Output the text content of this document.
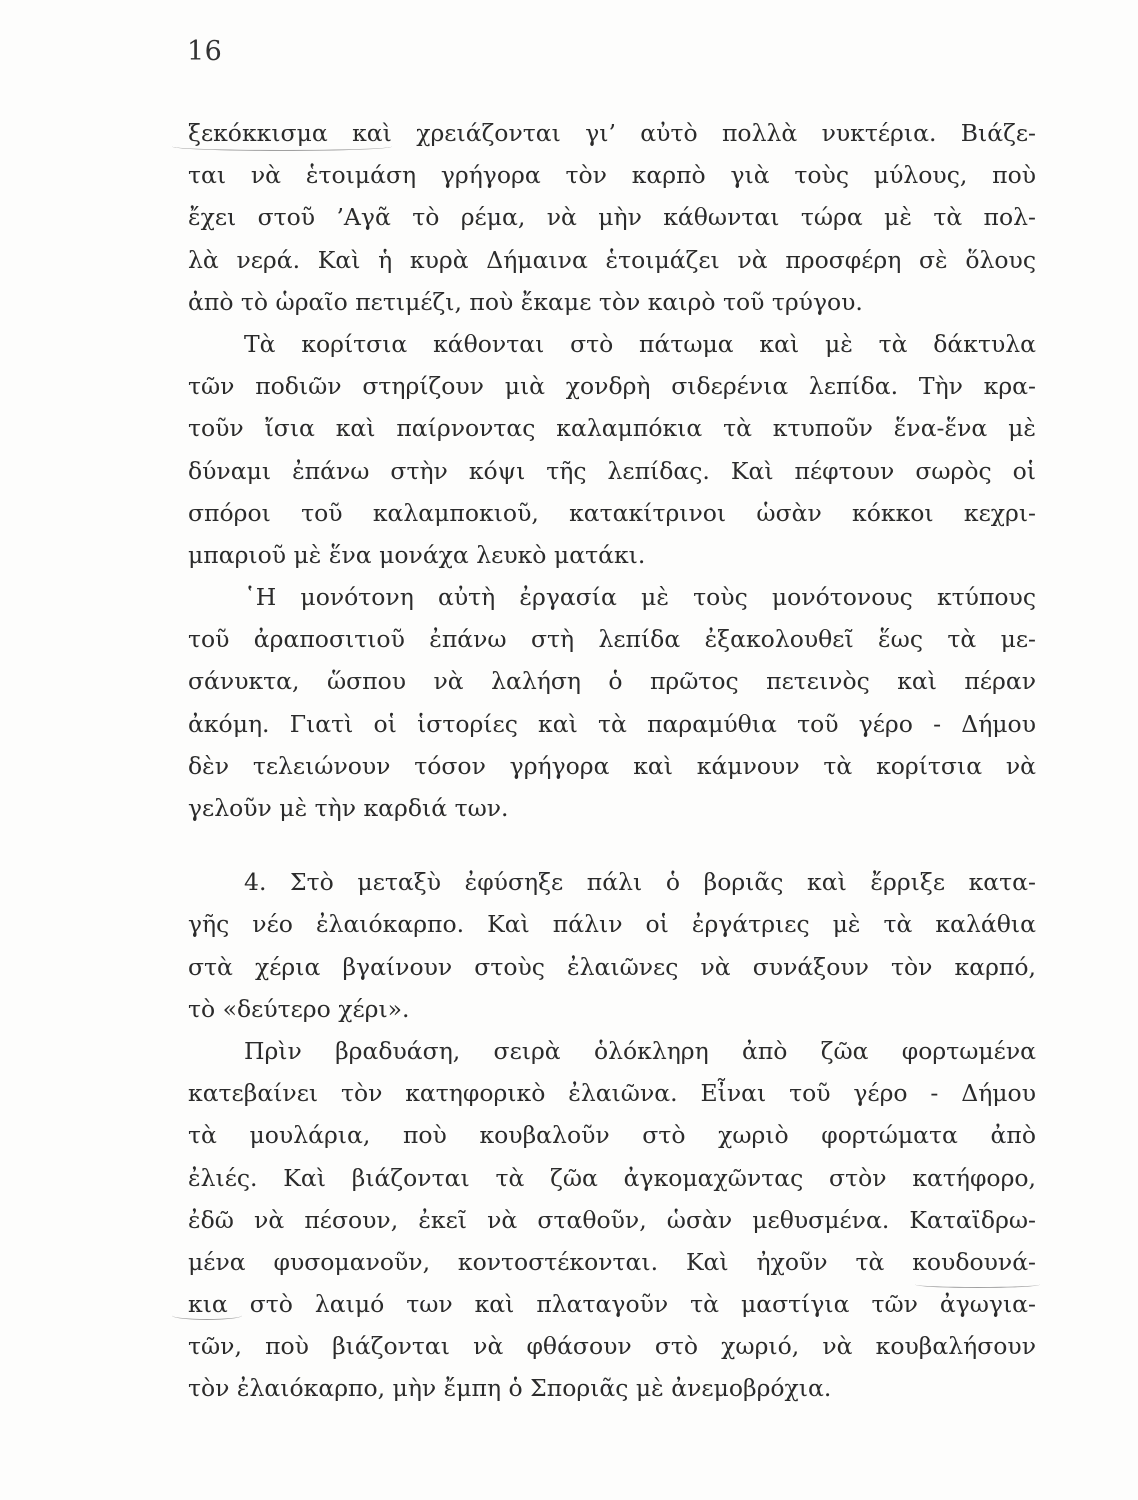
16
ξεκόκκισμα καὶ χρειάζονται γι’ αὐτὸ πολλὰ νυκτέρια. Βιάζε-
ται νὰ ἑτοιμάση γρήγορα τὸν καρπὸ γιὰ τοὺς μύλους, ποὺ
ἔχει στοῦ ’Αγᾶ τὸ ρέμα, νὰ μὴν κάθωνται τώρα μὲ τὰ πολ-
λὰ νερά. Καὶ ἡ κυρὰ Δήμαινα ἑτοιμάζει νὰ προσφέρη σὲ ὅλους
ἀπὸ τὸ ὡραῖο πετιμέζι, ποὺ ἔκαμε τὸν καιρὸ τοῦ τρύγου.
Τὰ κορίτσια κάθονται στὸ πάτωμα καὶ μὲ τὰ δάκτυλα
τῶν ποδιῶν στηρίζουν μιὰ χονδρὴ σιδερένια λεπίδα. Τὴν κρα-
τοῦν ἴσια καὶ παίρνοντας καλαμπόκια τὰ κτυποῦν ἕνα-ἕνα μὲ
δύναμι ἐπάνω στὴν κόψι τῆς λεπίδας. Καὶ πέφτουν σωρὸς οἱ
σπόροι τοῦ καλαμποκιοῦ, κατακίτρινοι ὡσὰν κόκκοι κεχρι-
μπαριοῦ μὲ ἕνα μονάχα λευκὸ ματάκι.
῾Η μονότονη αὐτὴ ἐργασία μὲ τοὺς μονότονους κτύπους
τοῦ ἀραποσιτιοῦ ἐπάνω στὴ λεπίδα ἐξακολουθεῖ ἕως τὰ με-
σάνυκτα, ὥσπου νὰ λαλήση ὁ πρῶτος πετεινὸς καὶ πέραν
ἀκόμη. Γιατὶ οἱ ἱστορίες καὶ τὰ παραμύθια τοῦ γέρο - Δήμου
δὲν τελειώνουν τόσον γρήγορα καὶ κάμνουν τὰ κορίτσια νὰ
γελοῦν μὲ τὴν καρδιά των.
4. Στὸ μεταξὺ ἐφύσηξε πάλι ὁ βοριᾶς καὶ ἔρριξε κατα-
γῆς νέο ἐλαιόκαρπο. Καὶ πάλιν οἱ ἐργάτριες μὲ τὰ καλάθια
στὰ χέρια βγαίνουν στοὺς ἐλαιῶνες νὰ συνάξουν τὸν καρπό,
τὸ «δεύτερο χέρι».
Πρὶν βραδυάση, σειρὰ ὁλόκληρη ἀπὸ ζῶα φορτωμένα
κατεβαίνει τὸν κατηφορικὸ ἐλαιῶνα. Εἶναι τοῦ γέρο - Δήμου
τὰ μουλάρια, ποὺ κουβαλοῦν στὸ χωριὸ φορτώματα ἀπὸ
ἐλιές. Καὶ βιάζονται τὰ ζῶα ἀγκομαχῶντας στὸν κατήφορο,
ἐδῶ νὰ πέσουν, ἐκεῖ νὰ σταθοῦν, ὡσὰν μεθυσμένα. Καταϊδρω-
μένα φυσομανοῦν, κοντοστέκονται. Καὶ ἠχοῦν τὰ κουδουνά-
κια στὸ λαιμό των καὶ πλαταγοῦν τὰ μαστίγια τῶν ἀγωγια-
τῶν, ποὺ βιάζονται νὰ φθάσουν στὸ χωριό, νὰ κουβαλήσουν
τὸν ἐλαιόκαρπο, μὴν ἔμπη ὁ Σποριᾶς μὲ ἀνεμοβρόχια.
